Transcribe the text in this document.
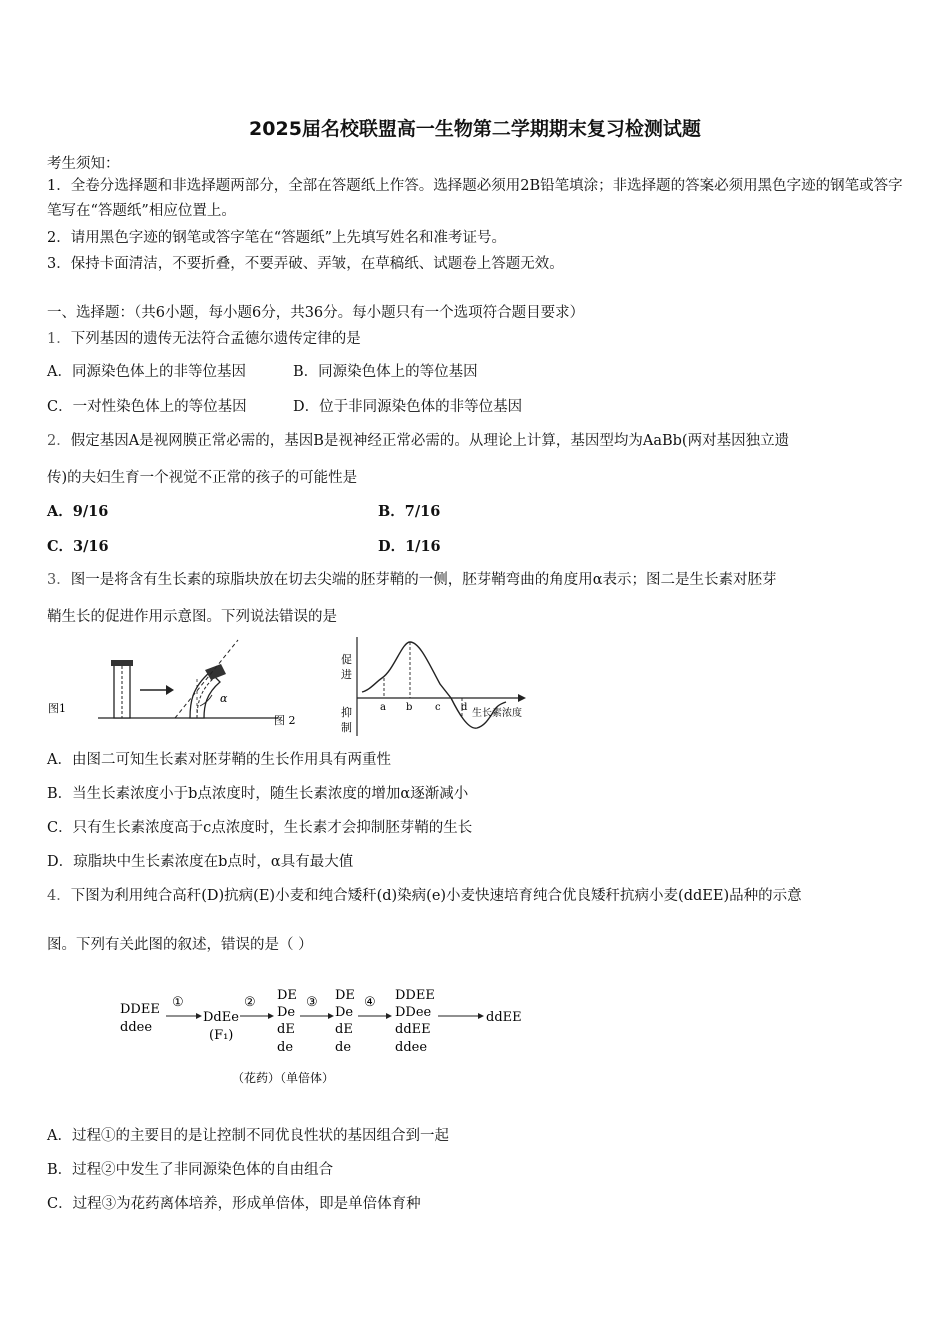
2025届名校联盟高一生物第二学期期末复习检测试题
考生须知：
1．全卷分选择题和非选择题两部分，全部在答题纸上作答。选择题必须用2B铅笔填涂；非选择题的答案必须用黑色字迹的钢笔或答字笔写在“答题纸”相应位置上。
2．请用黑色字迹的钢笔或答字笔在“答题纸”上先填写姓名和准考证号。
3．保持卡面清洁，不要折叠，不要弄破、弄皱，在草稿纸、试题卷上答题无效。
一、选择题：（共6小题，每小题6分，共36分。每小题只有一个选项符合题目要求）
1．下列基因的遗传无法符合孟德尔遗传定律的是
A．同源染色体上的非等位基因	B．同源染色体上的等位基因
C．一对性染色体上的等位基因	D．位于非同源染色体的非等位基因
2．假定基因A是视网膜正常必需的，基因B是视神经正常必需的。从理论上计算，基因型均为AaBb(两对基因独立遗
传)的夫妇生育一个视觉不正常的孩子的可能性是
A．9/16	B．7/16
C．3/16	D．1/16
3．图一是将含有生长素的琼脂块放在切去尖端的胚芽鞘的一侧，胚芽鞘弯曲的角度用α表示；图二是生长素对胚芽
鞘生长的促进作用示意图。下列说法错误的是
图1
α
图 2
促
进
抑
制
a b c d
生长素浓度
A．由图二可知生长素对胚芽鞘的生长作用具有两重性
B．当生长素浓度小于b点浓度时，随生长素浓度的增加α逐渐减小
C．只有生长素浓度高于c点浓度时，生长素才会抑制胚芽鞘的生长
D．琼脂块中生长素浓度在b点时，α具有最大值
4．下图为利用纯合高秆(D)抗病(E)小麦和纯合矮秆(d)染病(e)小麦快速培育纯合优良矮秆抗病小麦(ddEE)品种的示意
图。下列有关此图的叙述，错误的是（ ）
DDEE
ddee
①
DdEe
(F₁)
② DE
De
dE
de
③ DE
De
dE
de
④ DDEE
DDee
ddEE
ddee
ddEE
（花药）（单倍体）
A．过程①的主要目的是让控制不同优良性状的基因组合到一起
B．过程②中发生了非同源染色体的自由组合
C．过程③为花药离体培养，形成单倍体，即是单倍体育种
